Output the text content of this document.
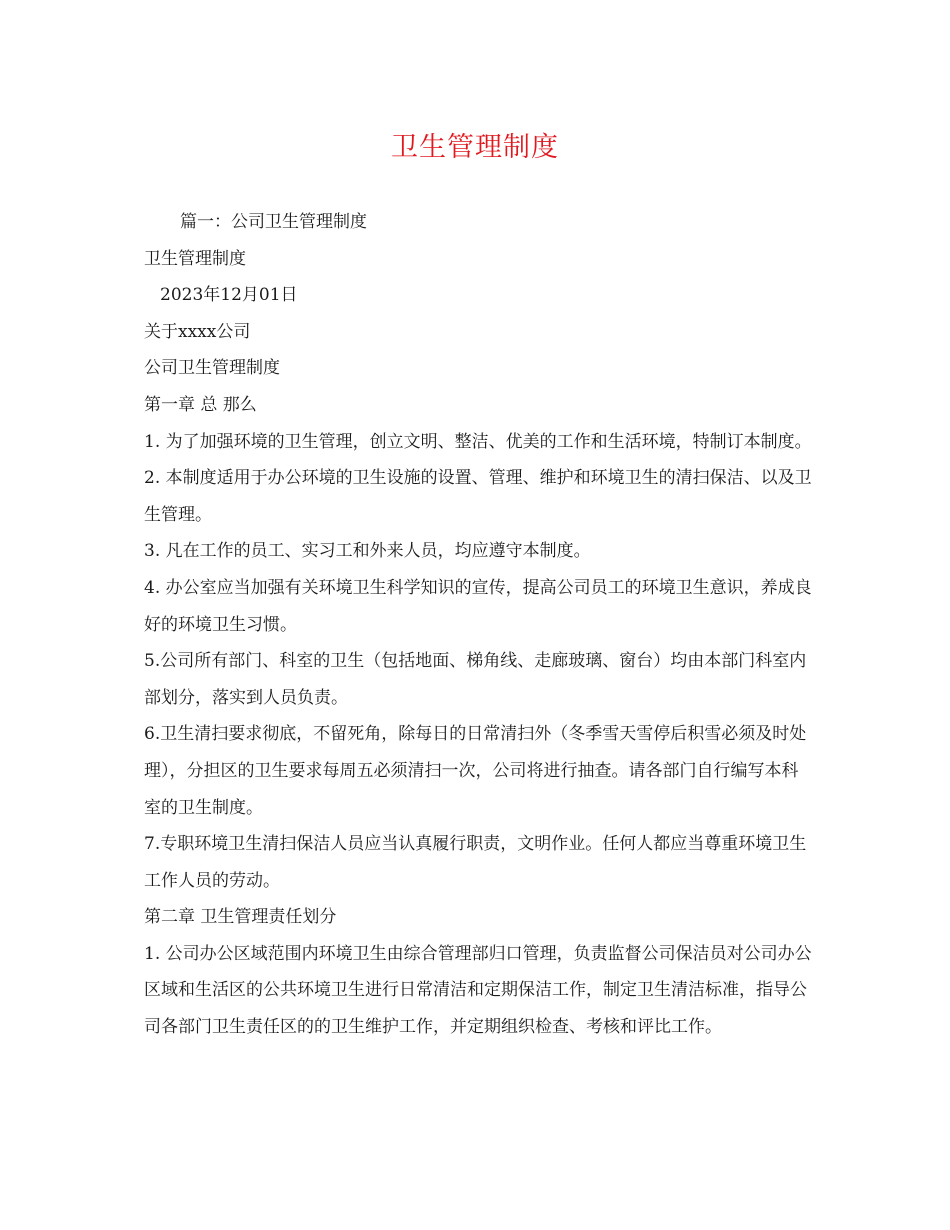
卫生管理制度
篇一：公司卫生管理制度
卫生管理制度
2023年12月01日
关于xxxx公司
公司卫生管理制度
第一章 总 那么
1. 为了加强环境的卫生管理，创立文明、整洁、优美的工作和生活环境，特制订本制度。
2. 本制度适用于办公环境的卫生设施的设置、管理、维护和环境卫生的清扫保洁、以及卫生管理。
3. 凡在工作的员工、实习工和外来人员，均应遵守本制度。
4. 办公室应当加强有关环境卫生科学知识的宣传，提高公司员工的环境卫生意识，养成良好的环境卫生习惯。
5.公司所有部门、科室的卫生（包括地面、梯角线、走廊玻璃、窗台）均由本部门科室内部划分，落实到人员负责。
6.卫生清扫要求彻底，不留死角，除每日的日常清扫外（冬季雪天雪停后积雪必须及时处理），分担区的卫生要求每周五必须清扫一次，公司将进行抽查。请各部门自行编写本科室的卫生制度。
7.专职环境卫生清扫保洁人员应当认真履行职责，文明作业。任何人都应当尊重环境卫生工作人员的劳动。
第二章 卫生管理责任划分
1. 公司办公区域范围内环境卫生由综合管理部归口管理，负责监督公司保洁员对公司办公区域和生活区的公共环境卫生进行日常清洁和定期保洁工作，制定卫生清洁标准，指导公司各部门卫生责任区的的卫生维护工作，并定期组织检查、考核和评比工作。
